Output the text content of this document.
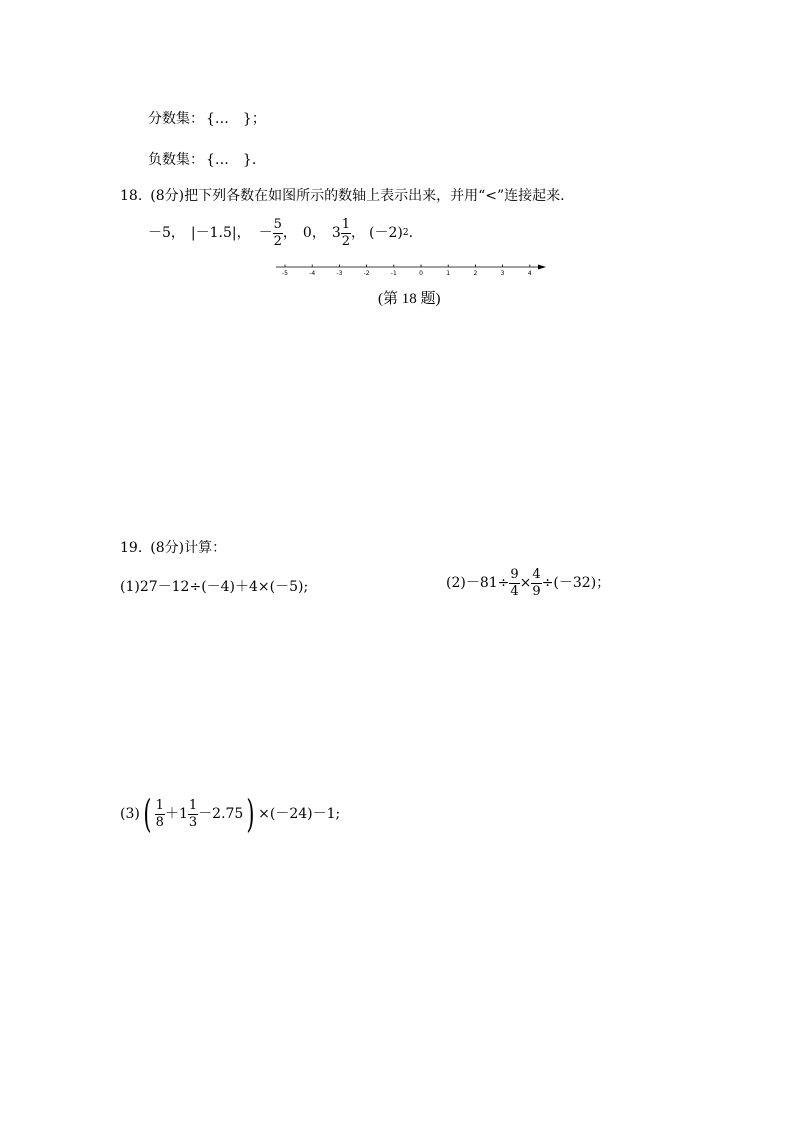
分数集： {…　}；
负数集： {…　}.
18. (8分) 把下列各数在如图所示的数轴上表示出来，并用“<”连接起来.
－5， |－1.5|， － $\frac{5}{2}$ ， 0， $3 \frac{1}{2}$ ， (－2) 2 .
-5	-4	-3	-2	-1	0	1	2	3	4
(第 18 题)
19. (8分) 计算：
(1)27－12÷(－4)＋4×(－5);	$(2)-81\div \frac{9}{4} \times \frac{4}{9} \div(-32)$；
(3) ( $\frac{1}{8} +1 \frac{1}{3} -2.75$ ) ×(－24)－1;
